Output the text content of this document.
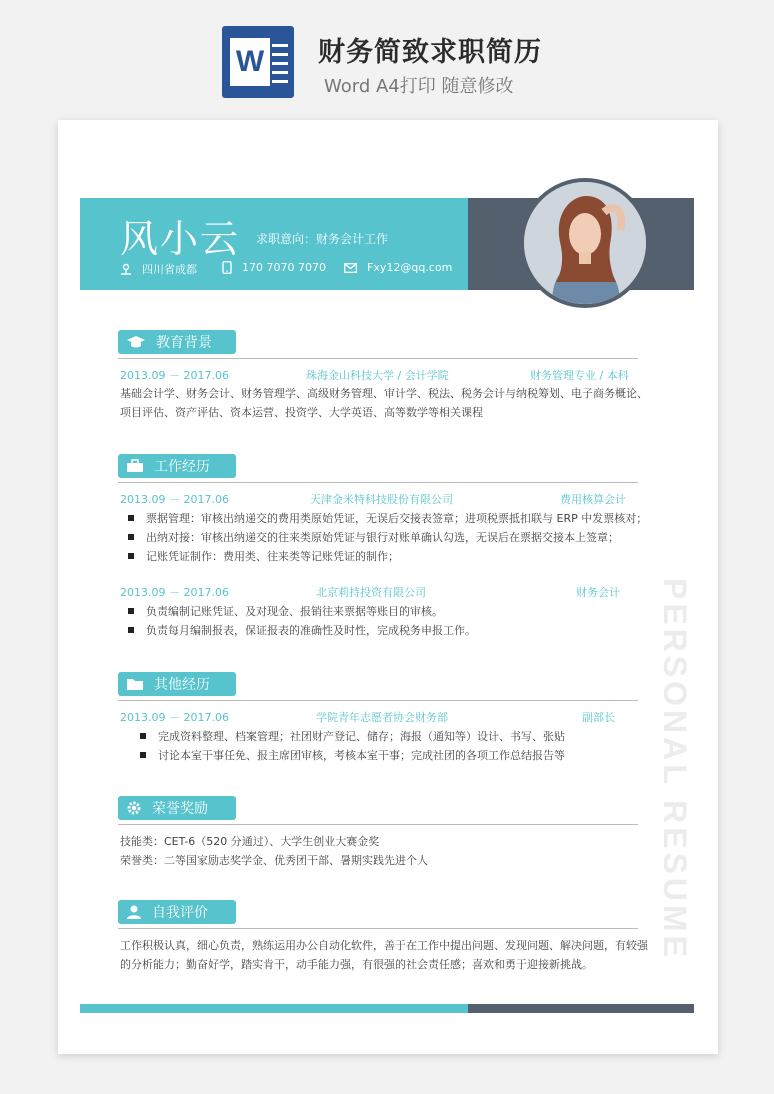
W 财务简致求职简历
Word A4打印 随意修改
风小云 求职意向：财务会计工作
四川省成都	170 7070 7070	Fxy12@qq.com
教育背景
2013.09 － 2017.06	珠海金山科技大学 / 会计学院	财务管理专业 / 本科
基础会计学、财务会计、财务管理学、高级财务管理、审计学、税法、税务会计与纳税筹划、电子商务概论、
项目评估、资产评估、资本运营、投资学、大学英语、高等数学等相关课程
工作经历
2013.09 － 2017.06	天津金米特科技股份有限公司	费用核算会计
票据管理：审核出纳递交的费用类原始凭证，无误后交接表签章；进项税票抵扣联与 ERP 中发票核对；
出纳对接：审核出纳递交的往来类原始凭证与银行对账单确认勾选，无误后在票据交接本上签章；
记账凭证制作：费用类、往来类等记账凭证的制作；
2013.09 － 2017.06	北京莉持投资有限公司	财务会计
负责编制记账凭证、及对现金、报销往来票据等账目的审核。
负责每月编制报表，保证报表的准确性及时性，完成税务申报工作。
其他经历
2013.09 － 2017.06	学院青年志愿者协会财务部	副部长
完成资料整理、档案管理；社团财产登记、储存；海报（通知等）设计、书写、张贴
讨论本室干事任免、报主席团审核，考核本室干事；完成社团的各项工作总结报告等
荣誉奖励
技能类：CET-6（520 分通过）、大学生创业大赛金奖
荣誉类：二等国家励志奖学金、优秀团干部、暑期实践先进个人
自我评价
工作积极认真，细心负责，熟练运用办公自动化软件，善于在工作中提出问题、发现问题、解决问题，有较强
的分析能力；勤奋好学，踏实肯干，动手能力强，有很强的社会责任感；喜欢和勇于迎接新挑战。
PERSONAL RESUME
